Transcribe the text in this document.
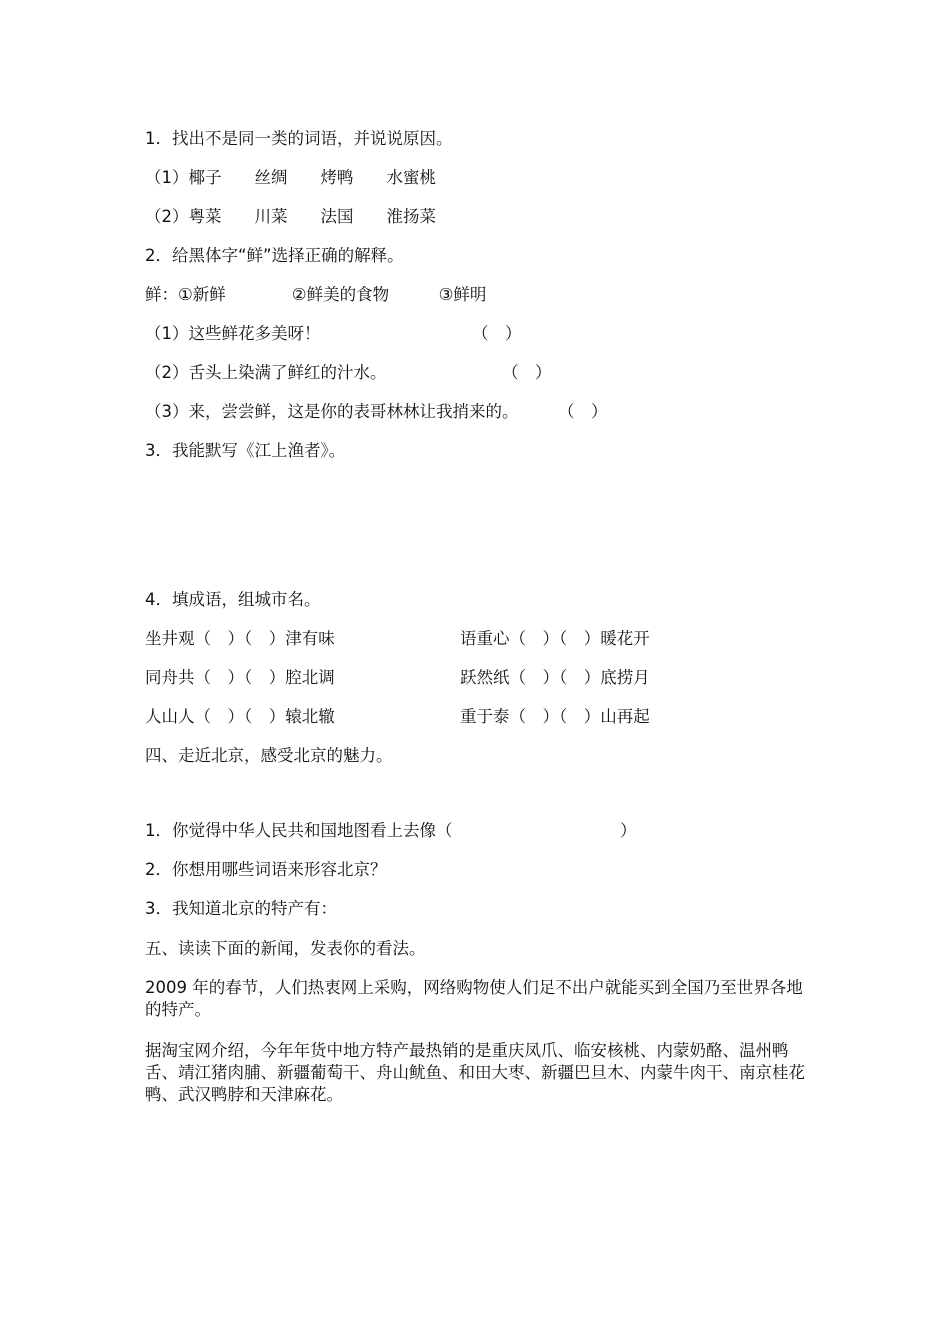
1．找出不是同一类的词语，并说说原因。
（1）椰子　　丝绸　　烤鸭　　水蜜桃
（2）粤菜　　川菜　　法国　　淮扬菜
2．给黑体字“鲜”选择正确的解释。
鲜：①新鲜　　　　②鲜美的食物　　　③鲜明
（1）这些鲜花多美呀！	（　）
（2）舌头上染满了鲜红的汁水。	（　）
（3）来，尝尝鲜，这是你的表哥林林让我捎来的。 （　）
3．我能默写《江上渔者》。
4．填成语，组城市名。
坐井观（　）（　）津有味	语重心（　）（　）暖花开
同舟共（　）（　）腔北调	跃然纸（　）（　）底捞月
人山人（　）（　）辕北辙	重于泰（　）（　）山再起
四、走近北京，感受北京的魅力。
1．你觉得中华人民共和国地图看上去像（	）
2．你想用哪些词语来形容北京？
3．我知道北京的特产有：
五、读读下面的新闻，发表你的看法。
2009 年的春节，人们热衷网上采购，网络购物使人们足不出户就能买到全国乃至世界各地的特产。
据淘宝网介绍，今年年货中地方特产最热销的是重庆凤爪、临安核桃、内蒙奶酪、温州鸭舌、靖江猪肉脯、新疆葡萄干、舟山鱿鱼、和田大枣、新疆巴旦木、内蒙牛肉干、南京桂花鸭、武汉鸭脖和天津麻花。
